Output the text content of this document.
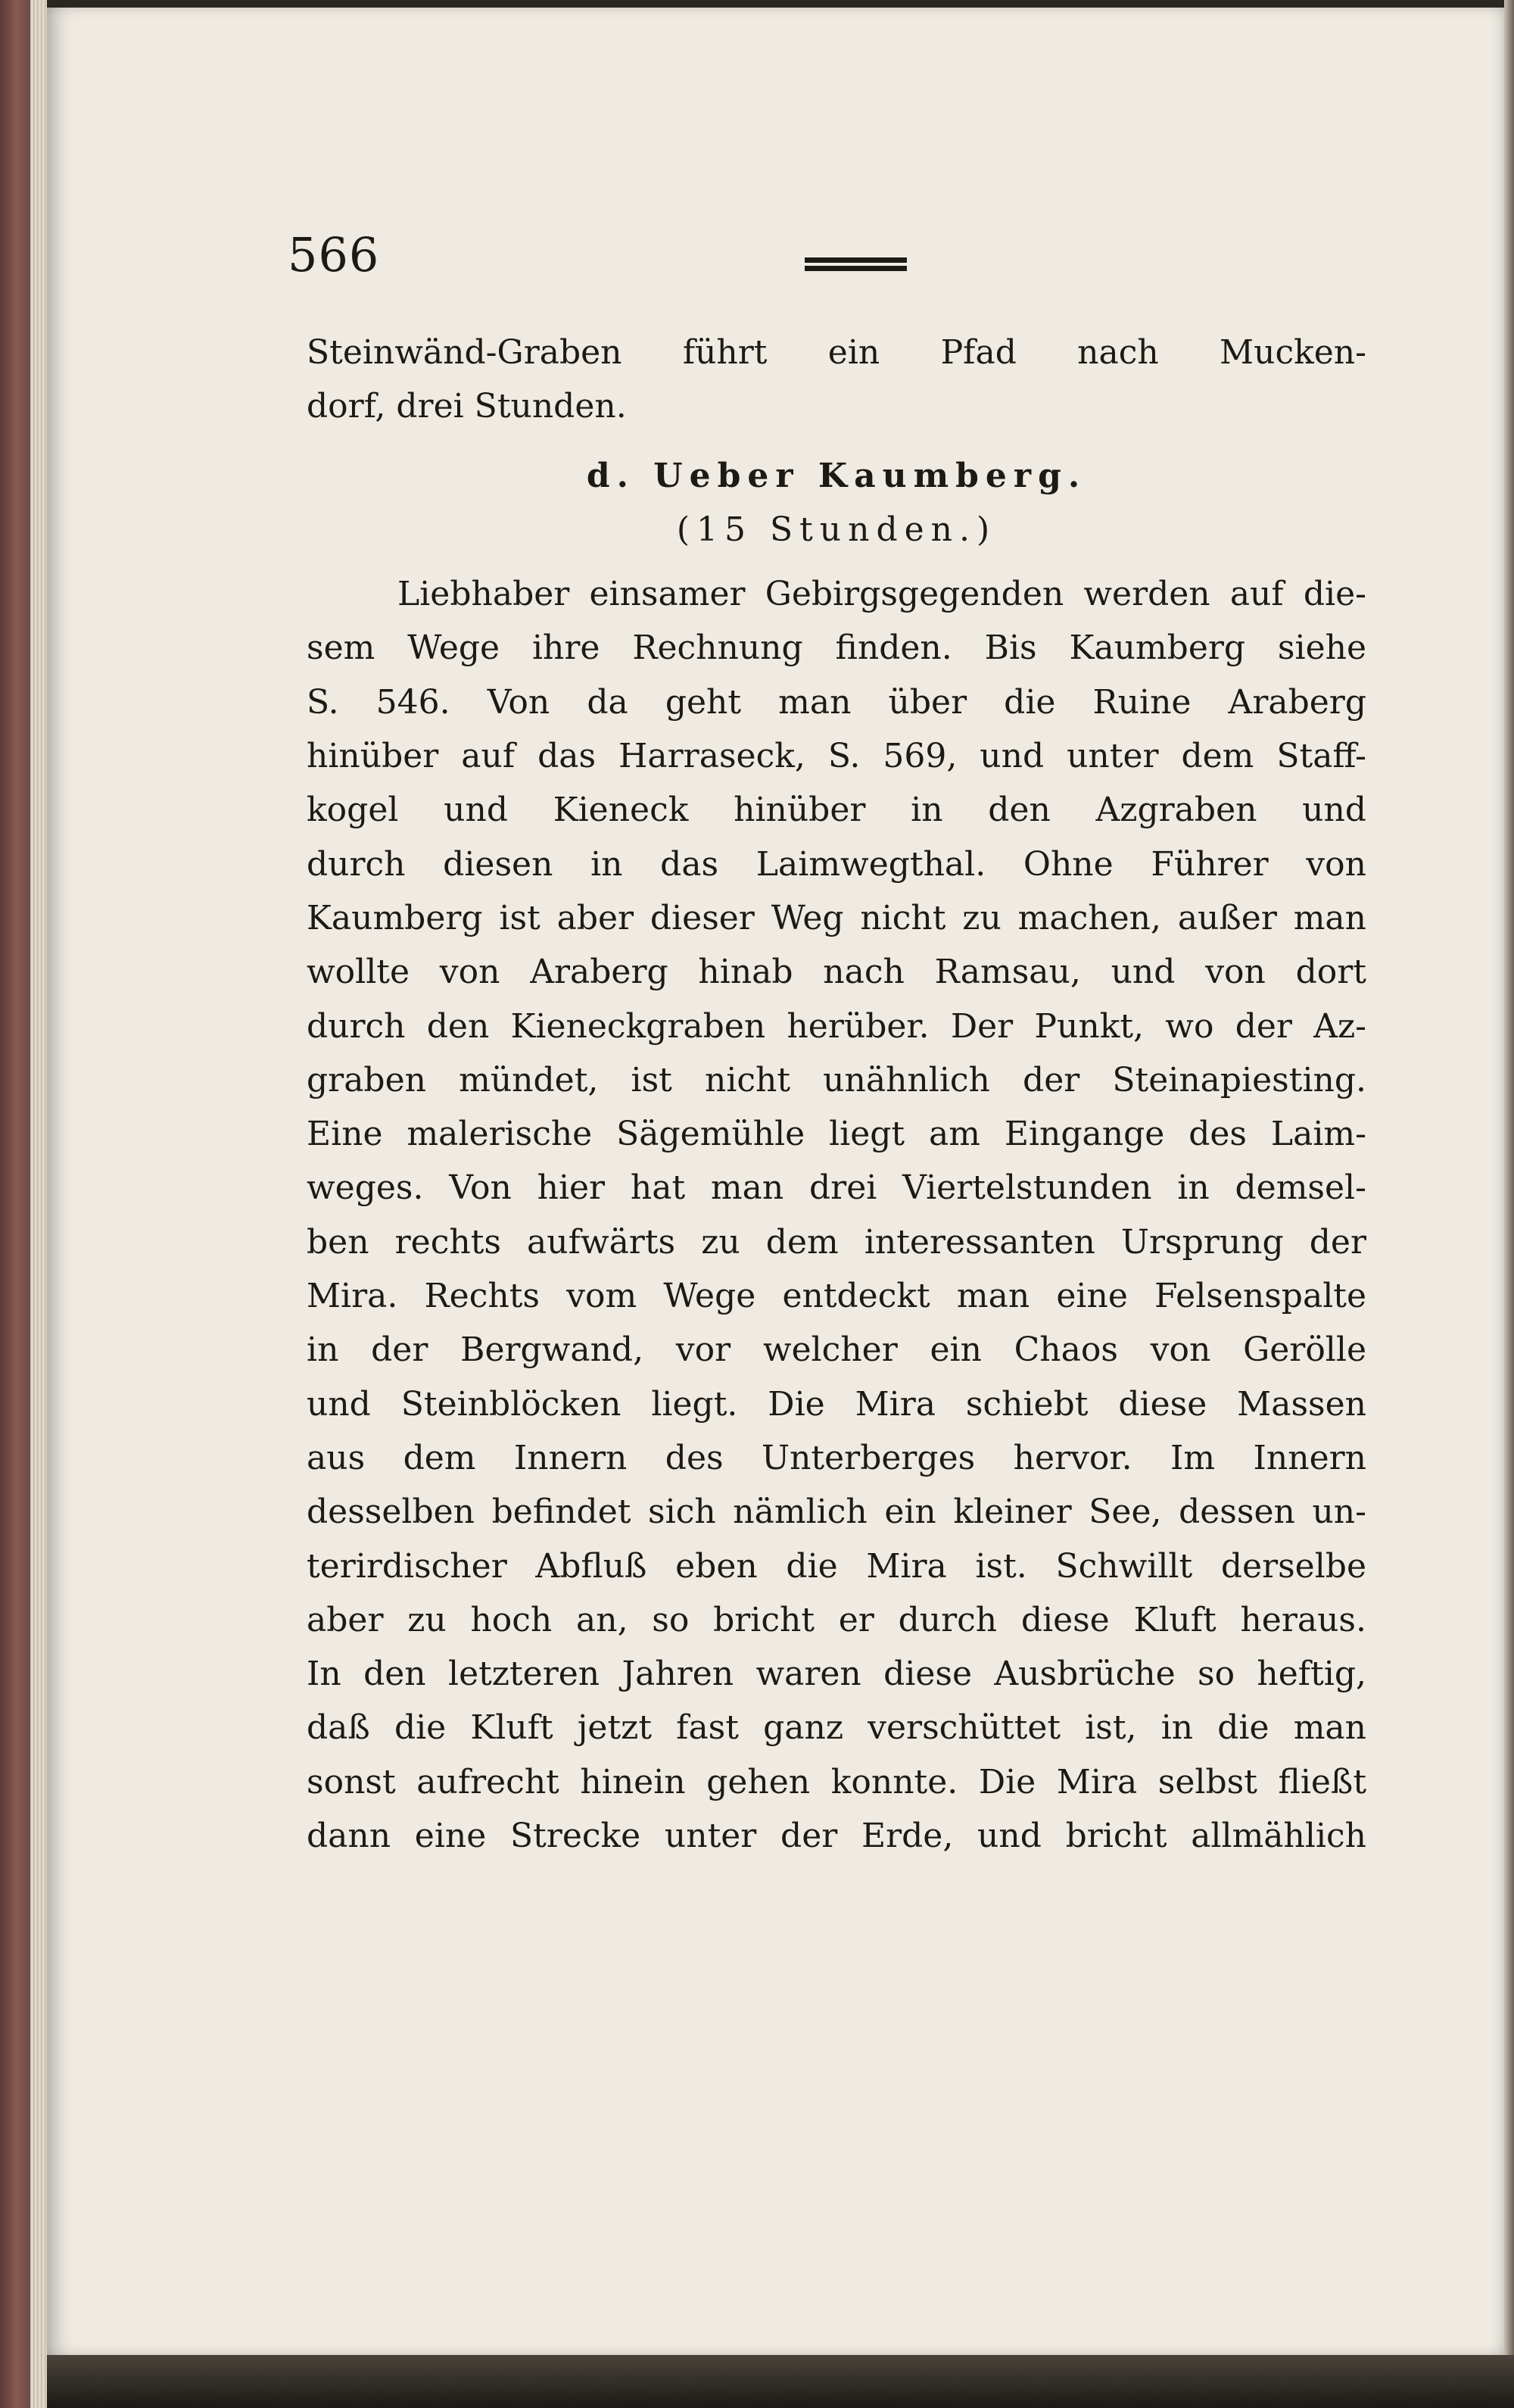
566
Steinwänd-Graben führt ein Pfad nach Mucken-
dorf, drei Stunden.
d. Ueber Kaumberg.
(15 Stunden.)
Liebhaber einsamer Gebirgsgegenden werden auf die-
sem Wege ihre Rechnung finden. Bis Kaumberg siehe
S. 546. Von da geht man über die Ruine Araberg
hinüber auf das Harraseck, S. 569, und unter dem Staff-
kogel und Kieneck hinüber in den Azgraben und
durch diesen in das Laimwegthal. Ohne Führer von
Kaumberg ist aber dieser Weg nicht zu machen, außer man
wollte von Araberg hinab nach Ramsau, und von dort
durch den Kieneckgraben herüber. Der Punkt, wo der Az-
graben mündet, ist nicht unähnlich der Steinapiesting.
Eine malerische Sägemühle liegt am Eingange des Laim-
weges. Von hier hat man drei Viertelstunden in demsel-
ben rechts aufwärts zu dem interessanten Ursprung der
Mira. Rechts vom Wege entdeckt man eine Felsenspalte
in der Bergwand, vor welcher ein Chaos von Gerölle
und Steinblöcken liegt. Die Mira schiebt diese Massen
aus dem Innern des Unterberges hervor. Im Innern
desselben befindet sich nämlich ein kleiner See, dessen un-
terirdischer Abfluß eben die Mira ist. Schwillt derselbe
aber zu hoch an, so bricht er durch diese Kluft heraus.
In den letzteren Jahren waren diese Ausbrüche so heftig,
daß die Kluft jetzt fast ganz verschüttet ist, in die man
sonst aufrecht hinein gehen konnte. Die Mira selbst fließt
dann eine Strecke unter der Erde, und bricht allmählich
